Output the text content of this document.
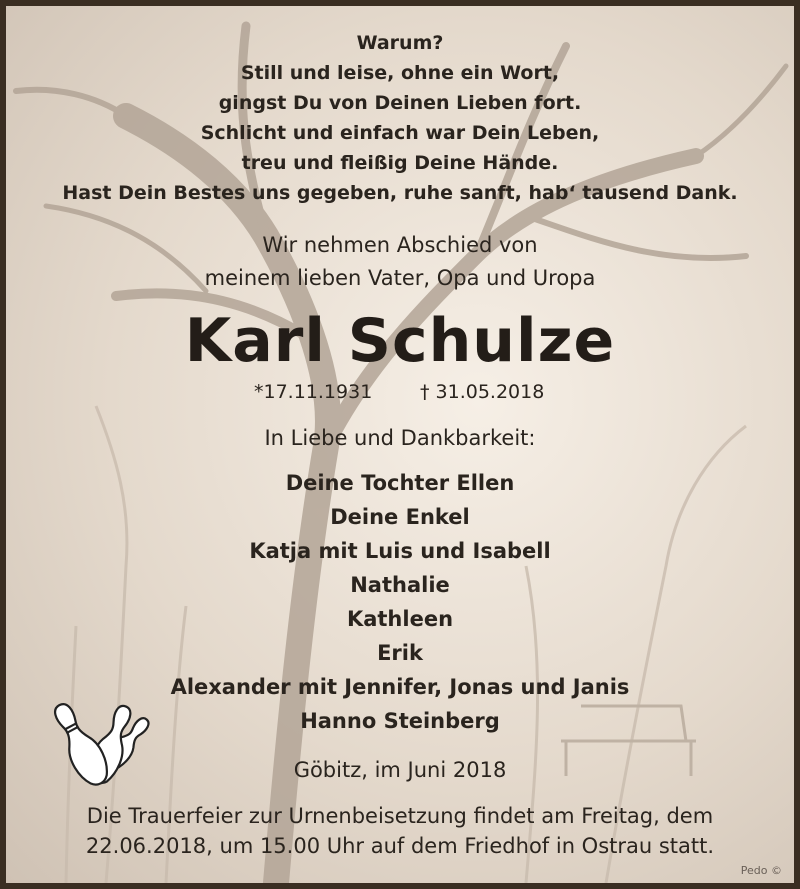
Warum?
Still und leise, ohne ein Wort,
gingst Du von Deinen Lieben fort.
Schlicht und einfach war Dein Leben,
treu und fleißig Deine Hände.
Hast Dein Bestes uns gegeben, ruhe sanft, hab‘ tausend Dank.
Wir nehmen Abschied von
meinem lieben Vater, Opa und Uropa
Karl Schulze
*17.11.1931	† 31.05.2018
In Liebe und Dankbarkeit:
Deine Tochter Ellen
Deine Enkel
Katja mit Luis und Isabell
Nathalie
Kathleen
Erik
Alexander mit Jennifer, Jonas und Janis
Hanno Steinberg
Göbitz, im Juni 2018
Die Trauerfeier zur Urnenbeisetzung findet am Freitag, dem
22.06.2018, um 15.00 Uhr auf dem Friedhof in Ostrau statt.
Pedo ©
